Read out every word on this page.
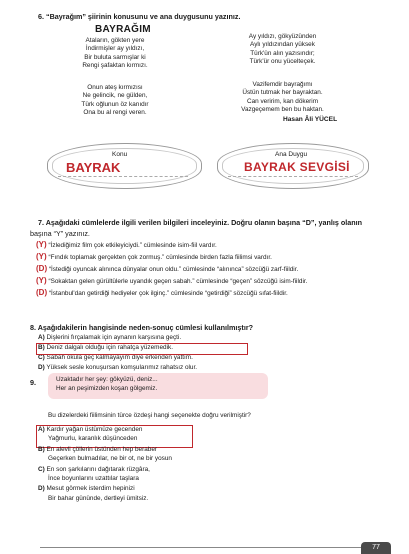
6. “Bayrağım” şiirinin konusunu ve ana duygusunu yazınız.
BAYRAĞIM
Ataların, gökten yere
İndirmişler ay yıldızı,
Bir buluta sarmışlar ki
Rengi şafaktan kırmızı.
Ay yıldızı, gökyüzünden
Aylı yıldızından yüksek
Türk'ün alın yazısındır;
Türk'ür onu yücelteçek.
Onun ateş kırmızısı
Ne gelincik, ne gülden,
Türk oğlunun öz kanıdır
Ona bu al rengi veren.
Vazifemdir bayrağımı
Üstün tutmak her bayraktan.
Can veririm, kan dökerim
Vazgeçemem ben bu haktan.
Hasan Âli YÜCEL
Konu
BAYRAK
Ana Duygu
BAYRAK SEVGİSİ
7. Aşağıdaki cümlelerde ilgili verilen bilgileri inceleyiniz. Doğru olanın başına “D”, yanlış olanın
başına “Y” yazınız.
(Y) “İzlediğimiz film çok etkileyiciydi.” cümlesinde isim-fiil vardır.
(Y) “Fındık toplamak gerçekten çok zormuş.” cümlesinde birden fazla fiilimsi vardır.
(D) “İstediği oyuncak alınınca dünyalar onun oldu.” cümlesinde “alınınca” sözcüğü zarf-fiildir.
(Y) “Sokaktan gelen gürültülerle uyandık geçen sabah.” cümlesinde “geçen” sözcüğü isim-fiildir.
(D) “İstanbul'dan getirdiği hediyeler çok ilginç.” cümlesinde “getirdiği” sözcüğü sıfat-fiildir.
8. Aşağıdakilerin hangisinde neden-sonuç cümlesi kullanılmıştır?
A) Dişlerini fırçalamak için aynanın karşısına geçti.
B) Deniz dalgalı olduğu için rahatça yüzemedik.
C) Sabah okula geç kalmayayım diye erkenden yattım.
D) Yüksek sesle konuşursan komşularımız rahatsız olur.
9.	Uzaktadır her şey: gökyüzü, deniz...
Her an peşimizden koşan gölgemiz.
Bu dizelerdeki fiilimsinin türce özdeşi hangi seçenekte doğru verilmiştir?
A) Kardır yağan üstümüze gecenden
Yağmurlu, karanlık düşünceden
B) En alevli çöllerin üstünden hep beraber
Geçerken bulmadılar, ne bir ot, ne bir yosun
C) En son şarkılarını dağıtarak rüzgâra,
İnce boyunlarını uzattılar taşlara
D) Mesut görmek isterdim hepinizi
Bir bahar gününde, dertleyi ümitsiz.
77
